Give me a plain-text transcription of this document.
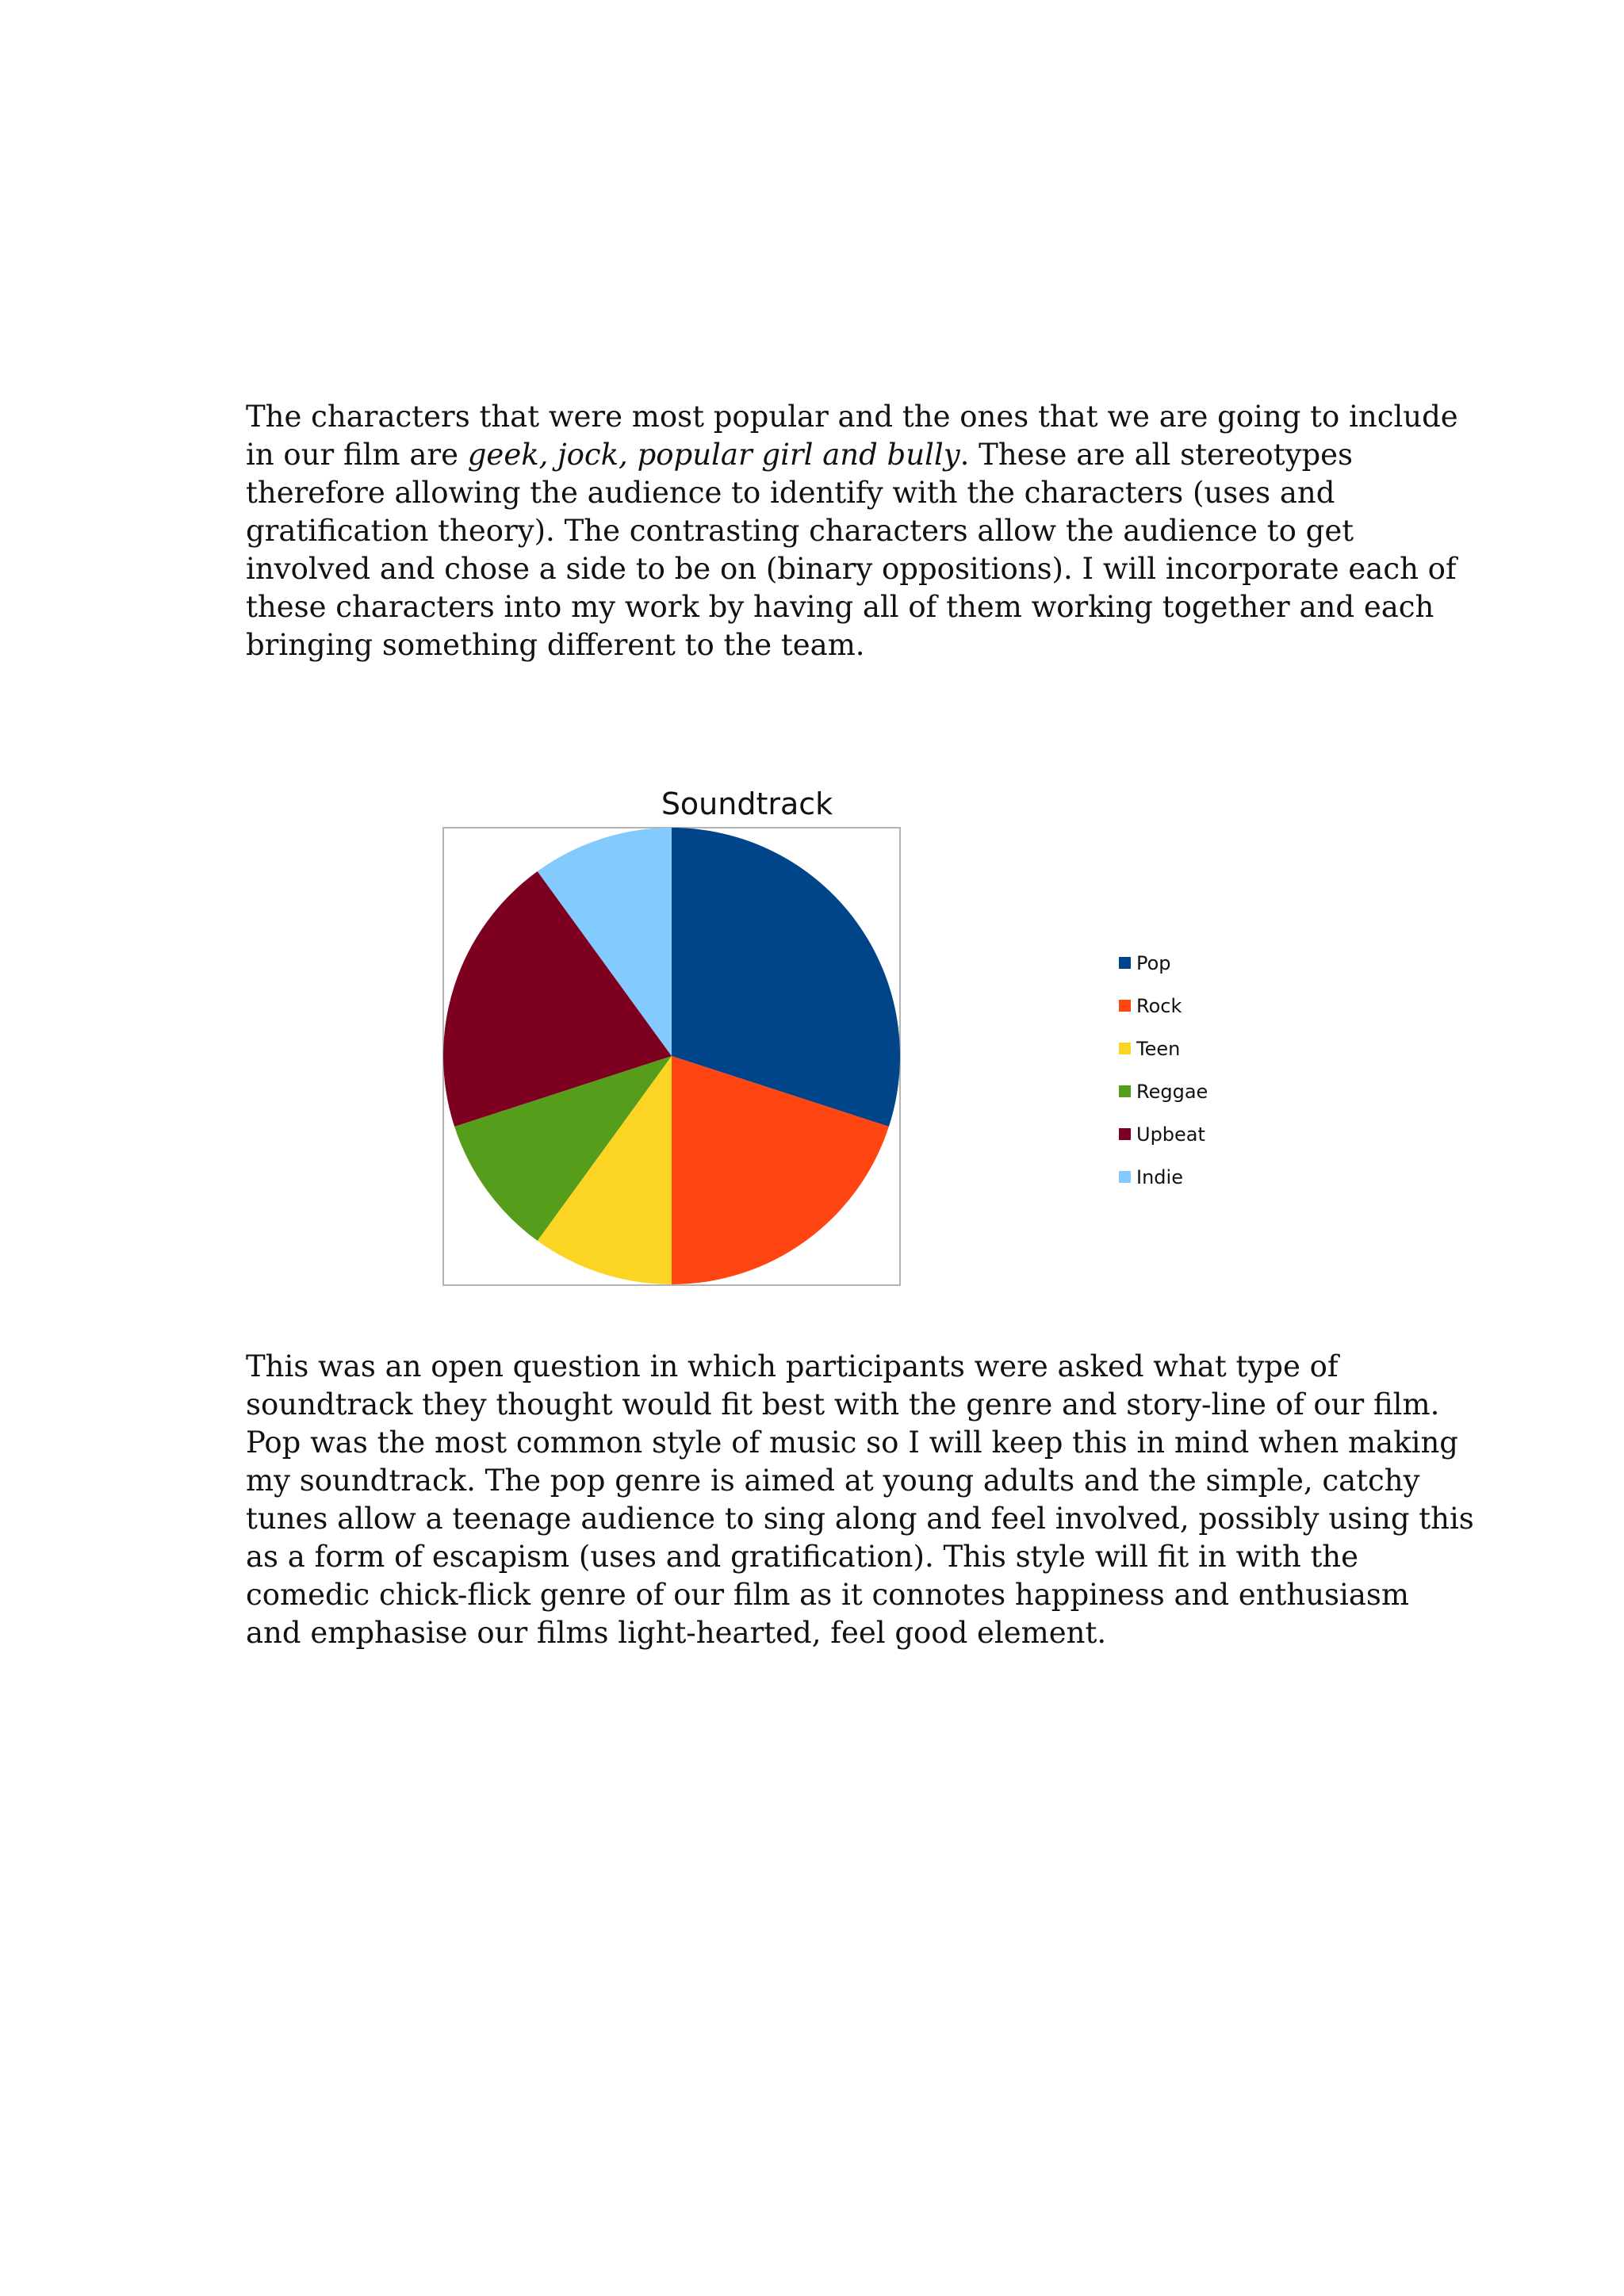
The characters that were most popular and the ones that we are going to include
in our film are geek, jock, popular girl and bully. These are all stereotypes
therefore allowing the audience to identify with the characters (uses and
gratification theory). The contrasting characters allow the audience to get
involved and chose a side to be on (binary oppositions). I will incorporate each of
these characters into my work by having all of them working together and each
bringing something different to the team.
Soundtrack
Pop
Rock
Teen
Reggae
Upbeat
Indie
This was an open question in which participants were asked what type of
soundtrack they thought would fit best with the genre and story-line of our film.
Pop was the most common style of music so I will keep this in mind when making
my soundtrack. The pop genre is aimed at young adults and the simple, catchy
tunes allow a teenage audience to sing along and feel involved, possibly using this
as a form of escapism (uses and gratification). This style will fit in with the
comedic chick-flick genre of our film as it connotes happiness and enthusiasm
and emphasise our films light-hearted, feel good element.
